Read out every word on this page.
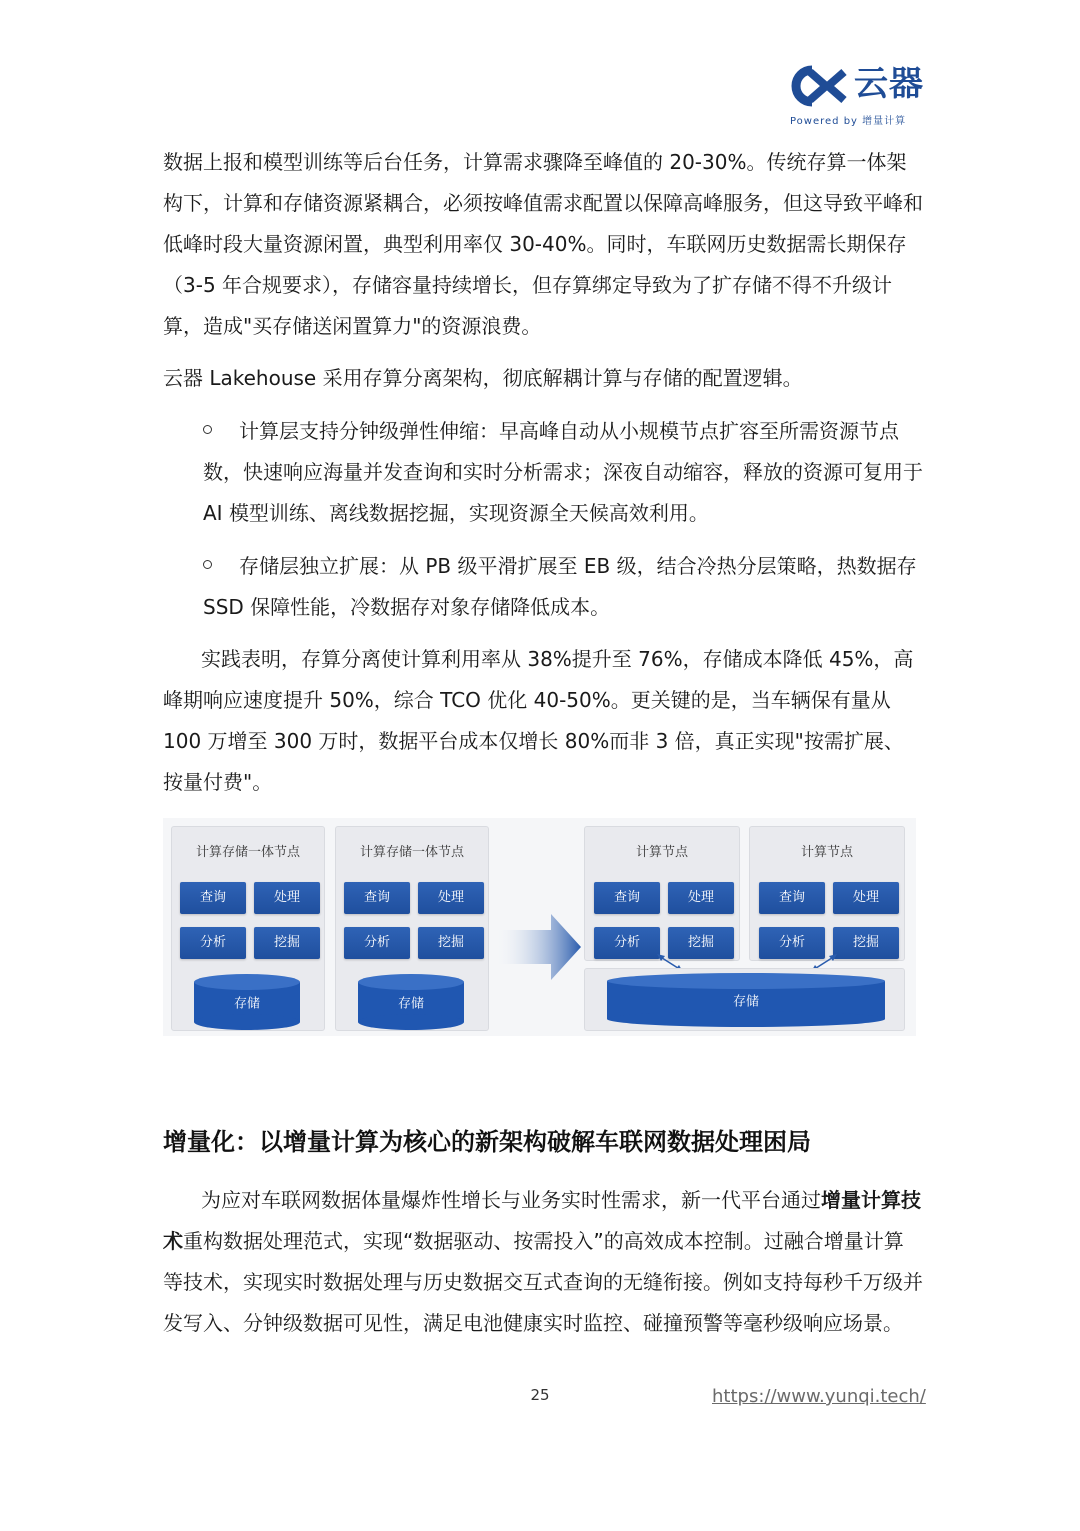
云器
Powered by 增量计算
数据上报和模型训练等后台任务，计算需求骤降至峰值的 20-30%。传统存算一体架构下，计算和存储资源紧耦合，必须按峰值需求配置以保障高峰服务，但这导致平峰和低峰时段大量资源闲置，典型利用率仅 30-40%。同时，车联网历史数据需长期保存（3-5 年合规要求），存储容量持续增长，但存算绑定导致为了扩存储不得不升级计算，造成"买存储送闲置算力"的资源浪费。
云器 Lakehouse 采用存算分离架构，彻底解耦计算与存储的配置逻辑。
计算层支持分钟级弹性伸缩：早高峰自动从小规模节点扩容至所需资源节点数，快速响应海量并发查询和实时分析需求；深夜自动缩容，释放的资源可复用于 AI 模型训练、离线数据挖掘，实现资源全天候高效利用。
存储层独立扩展：从 PB 级平滑扩展至 EB 级，结合冷热分层策略，热数据存 SSD 保障性能，冷数据存对象存储降低成本。
实践表明，存算分离使计算利用率从 38%提升至 76%，存储成本降低 45%，高峰期响应速度提升 50%，综合 TCO 优化 40-50%。更关键的是，当车辆保有量从 100 万增至 300 万时，数据平台成本仅增长 80%而非 3 倍，真正实现"按需扩展、按量付费"。
计算存储一体节点
查询	处理
分析	挖掘
存储
计算存储一体节点
查询	处理
分析	挖掘
存储
计算节点
查询	处理
分析	挖掘
计算节点
查询	处理
分析	挖掘
存储
增量化：以增量计算为核心的新架构破解车联网数据处理困局
为应对车联网数据体量爆炸性增长与业务实时性需求，新一代平台通过增量计算技术重构数据处理范式，实现“数据驱动、按需投入”的高效成本控制。过融合增量计算等技术，实现实时数据处理与历史数据交互式查询的无缝衔接。例如支持每秒千万级并发写入、分钟级数据可见性，满足电池健康实时监控、碰撞预警等毫秒级响应场景。
25	https://www.yunqi.tech/
